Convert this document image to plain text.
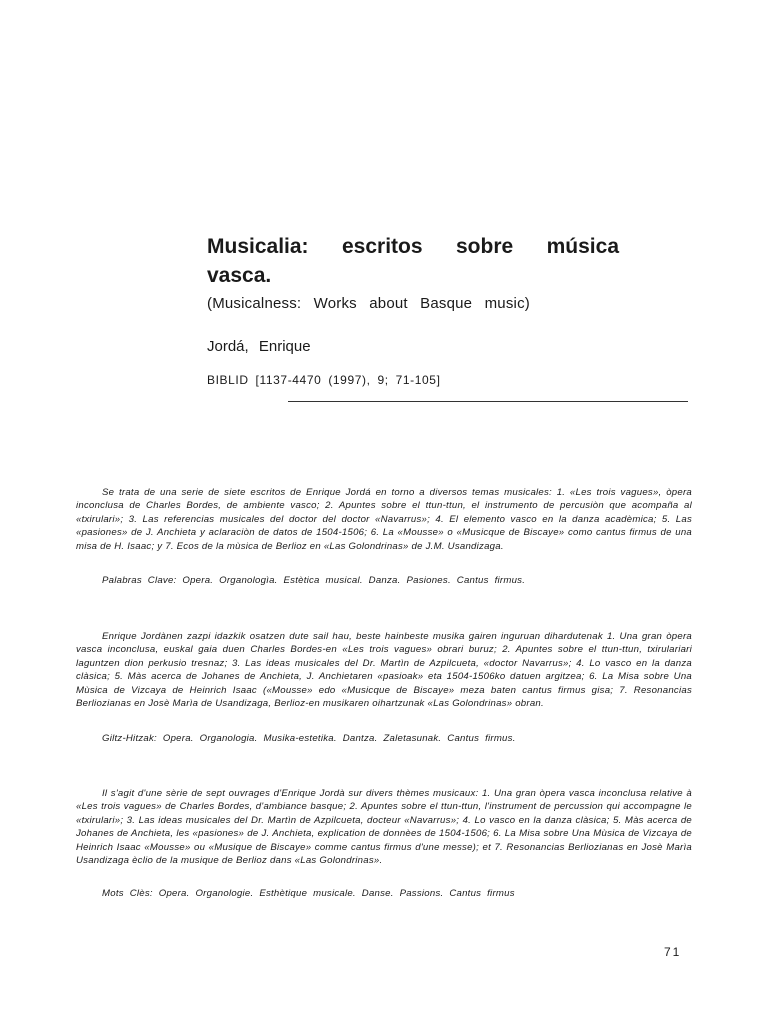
Musicalia: escritos sobre música vasca.

(Musicalness: Works about Basque music)

Jordá, Enrique

BIBLID [1137-4470 (1997), 9; 71-105]

Se trata de una serie de siete escritos de Enrique Jordá en torno a diversos temas musicales: 1. «Les trois vagues», òpera inconclusa de Charles Bordes, de ambiente vasco; 2. Apuntes sobre el ttun-ttun, el instrumento de percusiòn que acompaña al «txirulari»; 3. Las referencias musicales del doctor del doctor «Navarrus»; 4. El elemento vasco en la danza acadèmica; 5. Las «pasiones» de J. Anchieta y aclaraciòn de datos de 1504-1506; 6. La «Mousse» o «Musicque de Biscaye» como cantus firmus de una misa de H. Isaac; y 7. Ecos de la mùsica de Berlioz en «Las Golondrinas» de J.M. Usandizaga.

Palabras Clave: Opera. Organologìa. Estètica musical. Danza. Pasiones. Cantus firmus.

Enrique Jordànen zazpi idazkik osatzen dute sail hau, beste hainbeste musika gairen inguruan dihardutenak 1. Una gran òpera vasca inconclusa, euskal gaia duen Charles Bordes-en «Les trois vagues» obrari buruz; 2. Apuntes sobre el ttun-ttun, txirulariari laguntzen dion perkusio tresnaz; 3. Las ideas musicales del Dr. Martìn de Azpilcueta, «doctor Navarrus»; 4. Lo vasco en la danza clàsica; 5. Màs acerca de Johanes de Anchieta, J. Anchietaren «pasioak» eta 1504-1506ko datuen argitzea; 6. La Misa sobre Una Mùsica de Vizcaya de Heinrich Isaac («Mousse» edo «Musicque de Biscaye» meza baten cantus firmus gisa; 7. Resonancias Berliozianas en Josè Marìa de Usandizaga, Berlioz-en musikaren oihartzunak «Las Golondrinas» obran.

Giltz-Hitzak: Opera. Organologia. Musika-estetika. Dantza. Zaletasunak. Cantus firmus.

Il s'agit d'une sèrie de sept ouvrages d'Enrique Jordà sur divers thèmes musicaux: 1. Una gran òpera vasca inconclusa relative à «Les trois vagues» de Charles Bordes, d'ambiance basque; 2. Apuntes sobre el ttun-ttun, l'instrument de percussion qui accompagne le «txirulari»; 3. Las ideas musicales del Dr. Martìn de Azpilcueta, docteur «Navarrus»; 4. Lo vasco en la danza clàsica; 5. Màs acerca de Johanes de Anchieta, les «pasiones» de J. Anchieta, explication de donnèes de 1504-1506; 6. La Misa sobre Una Mùsica de Vizcaya de Heinrich Isaac «Mousse» ou «Musique de Biscaye» comme cantus firmus d'une messe); et 7. Resonancias Berliozianas en Josè Marìa Usandizaga èclio de la musique de Berlioz dans «Las Golondrinas».

Mots Clès: Opera. Organologie. Esthètique musicale. Danse. Passions. Cantus firmus

71
